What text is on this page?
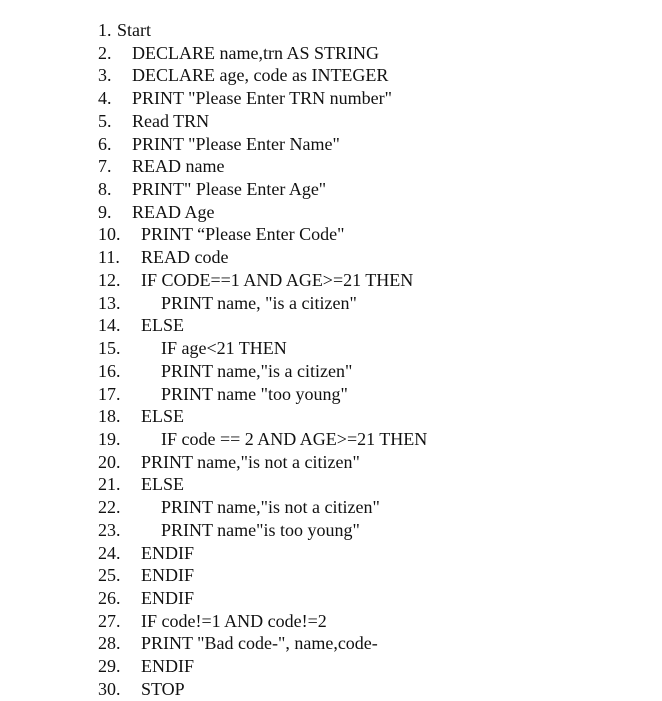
1. Start
2. DECLARE name,trn AS STRING
3. DECLARE age, code as INTEGER
4. PRINT "Please Enter TRN number"
5. Read TRN
6. PRINT "Please Enter Name"
7. READ name
8. PRINT" Please Enter Age"
9. READ Age
10. PRINT “Please Enter Code"
11. READ code
12. IF CODE==1 AND AGE>=21 THEN
13. PRINT name, "is a citizen"
14. ELSE
15. IF age<21 THEN
16. PRINT name,"is a citizen"
17. PRINT name "too young"
18. ELSE
19. IF code == 2 AND AGE>=21 THEN
20. PRINT name,"is not a citizen"
21. ELSE
22. PRINT name,"is not a citizen"
23. PRINT name"is too young"
24. ENDIF
25. ENDIF
26. ENDIF
27. IF code!=1 AND code!=2
28. PRINT "Bad code-", name,code-
29. ENDIF
30. STOP
